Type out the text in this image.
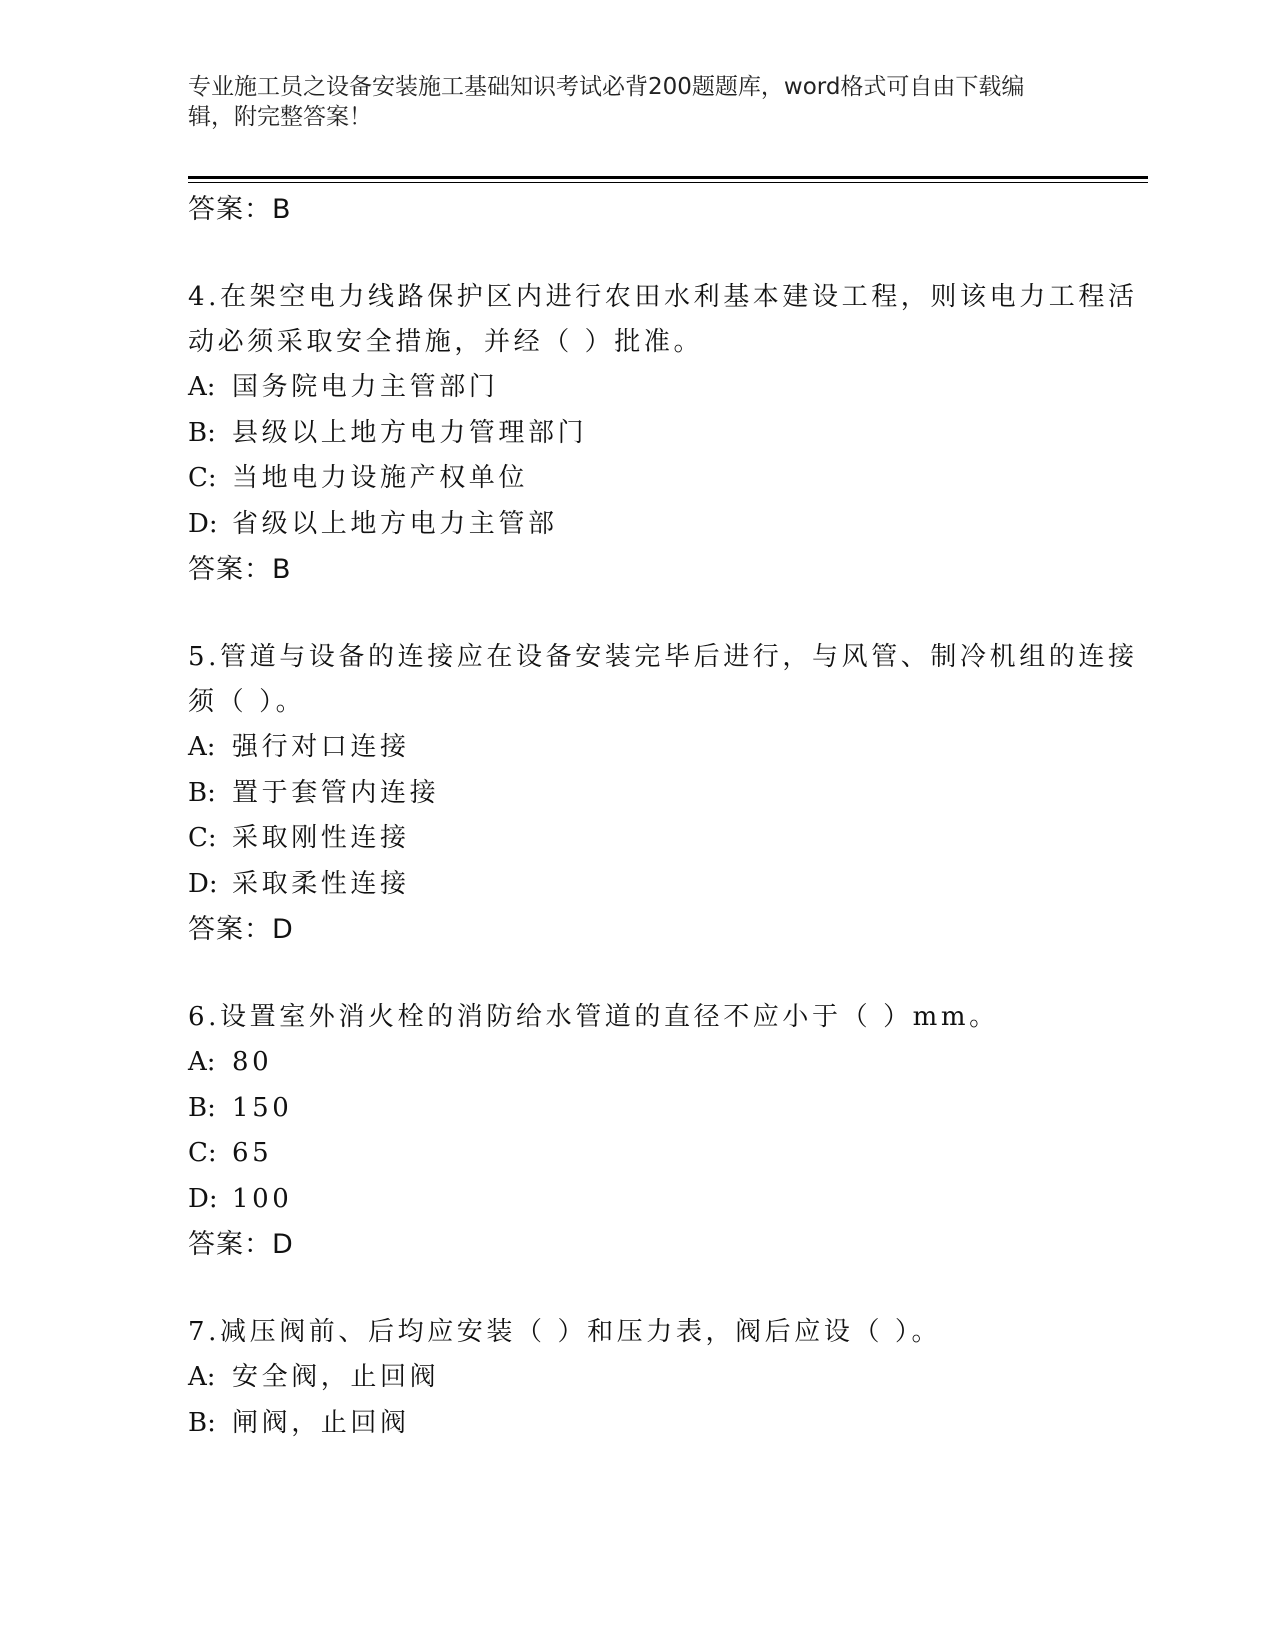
专业施工员之设备安装施工基础知识考试必背200题题库，word格式可自由下载编辑，附完整答案！
答案：B
4.在架空电力线路保护区内进行农田水利基本建设工程，则该电力工程活动必须采取安全措施，并经（ ）批准。
A: 国务院电力主管部门
B: 县级以上地方电力管理部门
C: 当地电力设施产权单位
D: 省级以上地方电力主管部
答案：B
5.管道与设备的连接应在设备安装完毕后进行，与风管、制冷机组的连接须（ ）。
A: 强行对口连接
B: 置于套管内连接
C: 采取刚性连接
D: 采取柔性连接
答案：D
6.设置室外消火栓的消防给水管道的直径不应小于（ ）mm。
A: 80
B: 150
C: 65
D: 100
答案：D
7.减压阀前、后均应安装（ ）和压力表，阀后应设（ ）。
A: 安全阀，止回阀
B: 闸阀，止回阀
